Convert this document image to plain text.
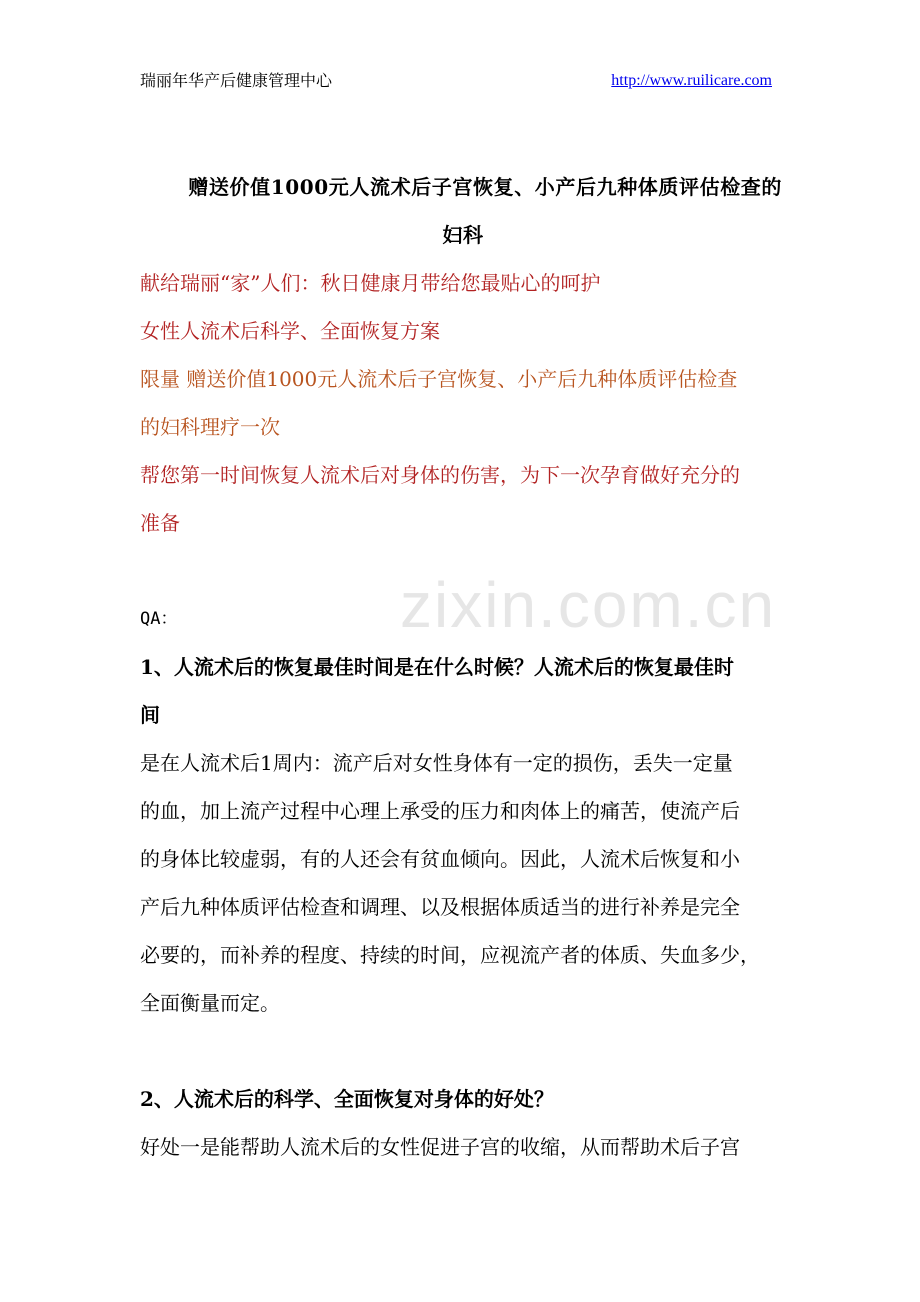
瑞丽年华产后健康管理中心	http://www.ruilicare.com
zixin.com.cn
赠送价值1000元人流术后子宫恢复、小产后九种体质评估检查的
妇科

献给瑞丽“家”人们：秋日健康月带给您最贴心的呵护

女性人流术后科学、全面恢复方案

限量 赠送价值1000元人流术后子宫恢复、小产后九种体质评估检查

的妇科理疗一次

帮您第一时间恢复人流术后对身体的伤害，为下一次孕育做好充分的

准备

QA：

1、人流术后的恢复最佳时间是在什么时候？人流术后的恢复最佳时

间

是在人流术后1周内：流产后对女性身体有一定的损伤，丢失一定量

的血，加上流产过程中心理上承受的压力和肉体上的痛苦，使流产后

的身体比较虚弱，有的人还会有贫血倾向。因此，人流术后恢复和小

产后九种体质评估检查和调理、以及根据体质适当的进行补养是完全

必要的，而补养的程度、持续的时间，应视流产者的体质、失血多少，

全面衡量而定。

2、人流术后的科学、全面恢复对身体的好处？

好处一是能帮助人流术后的女性促进子宫的收缩，从而帮助术后子宫
